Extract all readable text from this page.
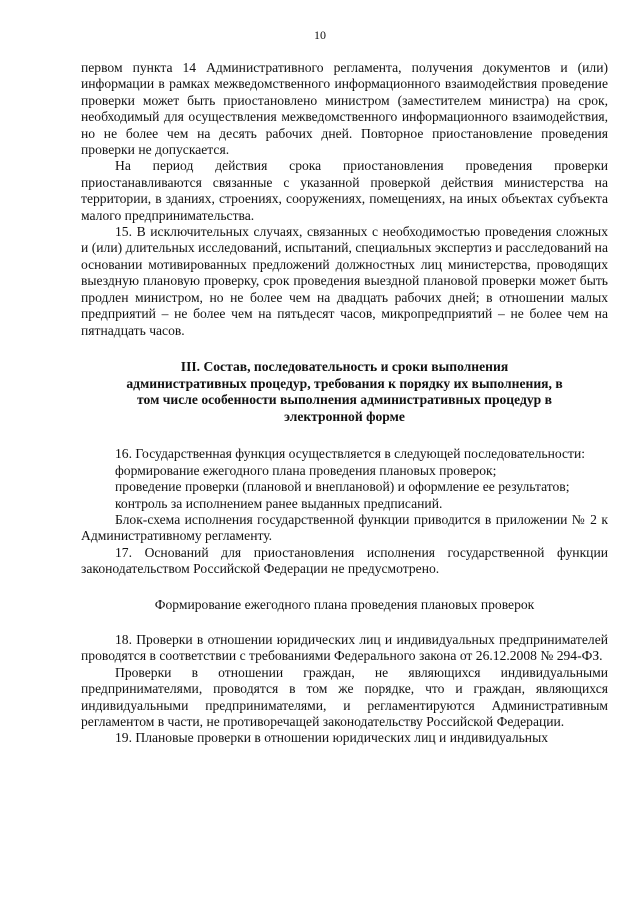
10

первом пункта 14 Административного регламента, получения документов и (или) информации в рамках межведомственного информационного взаимодействия проведение проверки может быть приостановлено министром (заместителем министра) на срок, необходимый для осуществления межведомственного информационного взаимодействия, но не более чем на десять рабочих дней. Повторное приостановление проведения проверки не допускается.

На период действия срока приостановления проведения проверки приостанавливаются связанные с указанной проверкой действия министерства на территории, в зданиях, строениях, сооружениях, помещениях, на иных объектах субъекта малого предпринимательства.

15. В исключительных случаях, связанных с необходимостью проведения сложных и (или) длительных исследований, испытаний, специальных экспертиз и расследований на основании мотивированных предложений должностных лиц министерства, проводящих выездную плановую проверку, срок проведения выездной плановой проверки может быть продлен министром, но не более чем на двадцать рабочих дней; в отношении малых предприятий – не более чем на пятьдесят часов, микропредприятий – не более чем на пятнадцать часов.

III. Состав, последовательность и сроки выполнения административных процедур, требования к порядку их выполнения, в том числе особенности выполнения административных процедур в электронной форме

16. Государственная функция осуществляется в следующей последовательности:

формирование ежегодного плана проведения плановых проверок;

проведение проверки (плановой и внеплановой) и оформление ее результатов;

контроль за исполнением ранее выданных предписаний.

Блок-схема исполнения государственной функции приводится в приложении № 2 к Административному регламенту.

17. Оснований для приостановления исполнения государственной функции законодательством Российской Федерации не предусмотрено.

Формирование ежегодного плана проведения плановых проверок

18. Проверки в отношении юридических лиц и индивидуальных предпринимателей проводятся в соответствии с требованиями Федерального закона от 26.12.2008 № 294-ФЗ.

Проверки в отношении граждан, не являющихся индивидуальными предпринимателями, проводятся в том же порядке, что и граждан, являющихся индивидуальными предпринимателями, и регламентируются Административным регламентом в части, не противоречащей законодательству Российской Федерации.

19. Плановые проверки в отношении юридических лиц и индивидуальных
